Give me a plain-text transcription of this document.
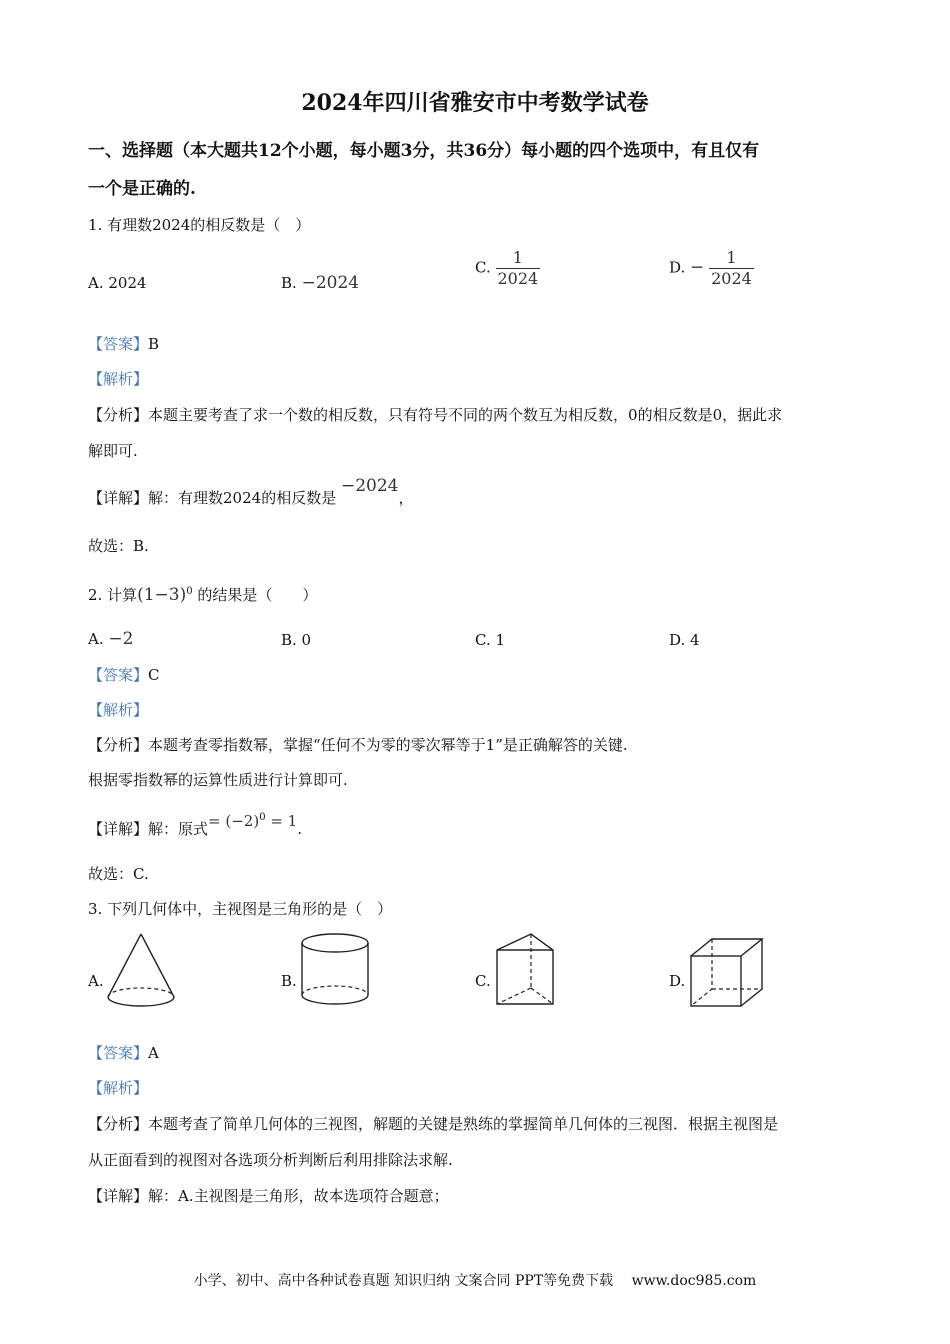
2024年四川省雅安市中考数学试卷
一、选择题（本大题共12个小题，每小题3分，共36分）每小题的四个选项中，有且仅有
一个是正确的.
1. 有理数2024的相反数是（　）
A. 2024	B. −2024
C. $\frac{1}{2024}$	D. − $\frac{1}{2024}$
【答案】B
【解析】
【分析】本题主要考查了求一个数的相反数，只有符号不同的两个数互为相反数，0的相反数是0，据此求
解即可.
【详解】解：有理数2024的相反数是 −2024，
故选：B.
2. 计算$(1-3)^0$ 的结果是（　　）
A. −2	B. 0	C. 1	D. 4
【答案】C
【解析】
【分析】本题考查零指数幂，掌握“任何不为零的零次幂等于1”是正确解答的关键.
根据零指数幂的运算性质进行计算即可.
【详解】解：原式= $(-2)^0 = 1$.
故选：C.
3. 下列几何体中，主视图是三角形的是（　）
A.	B.	C.	D.
【答案】A
【解析】
【分析】本题考查了简单几何体的三视图，解题的关键是熟练的掌握简单几何体的三视图．根据主视图是
从正面看到的视图对各选项分析判断后利用排除法求解.
【详解】解：A.主视图是三角形，故本选项符合题意；
小学、初中、高中各种试卷真题 知识归纳 文案合同 PPT等免费下载　 www.doc985.com
